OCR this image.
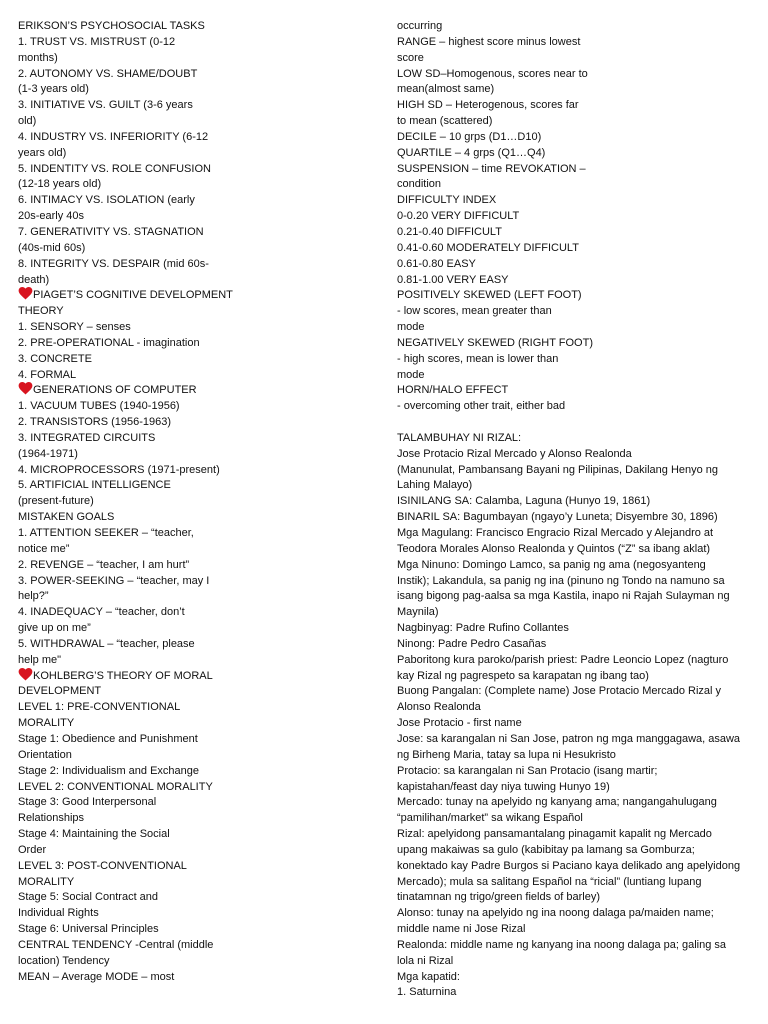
ERIKSON’S PSYCHOSOCIAL TASKS
1. TRUST VS. MISTRUST (0-12
months)
2. AUTONOMY VS. SHAME/DOUBT
(1-3 years old)
3. INITIATIVE VS. GUILT (3-6 years
old)
4. INDUSTRY VS. INFERIORITY (6-12
years old)
5. INDENTITY VS. ROLE CONFUSION
(12-18 years old)
6. INTIMACY VS. ISOLATION (early
20s-early 40s
7. GENERATIVITY VS. STAGNATION
(40s-mid 60s)
8. INTEGRITY VS. DESPAIR (mid 60s-
death)
PIAGET’S COGNITIVE DEVELOPMENT
THEORY
1. SENSORY – senses
2. PRE-OPERATIONAL - imagination
3. CONCRETE
4. FORMAL
GENERATIONS OF COMPUTER
1. VACUUM TUBES (1940-1956)
2. TRANSISTORS (1956-1963)
3. INTEGRATED CIRCUITS
(1964-1971)
4. MICROPROCESSORS (1971-present)
5. ARTIFICIAL INTELLIGENCE
(present-future)
MISTAKEN GOALS
1. ATTENTION SEEKER – “teacher,
notice me”
2. REVENGE – “teacher, I am hurt”
3. POWER-SEEKING – “teacher, may I
help?”
4. INADEQUACY – “teacher, don’t
give up on me”
5. WITHDRAWAL – “teacher, please
help me"
KOHLBERG’S THEORY OF MORAL
DEVELOPMENT
LEVEL 1: PRE-CONVENTIONAL
MORALITY
Stage 1: Obedience and Punishment
Orientation
Stage 2: Individualism and Exchange
LEVEL 2: CONVENTIONAL MORALITY
Stage 3: Good Interpersonal
Relationships
Stage 4: Maintaining the Social
Order
LEVEL 3: POST-CONVENTIONAL
MORALITY
Stage 5: Social Contract and
Individual Rights
Stage 6: Universal Principles
CENTRAL TENDENCY -Central (middle
location) Tendency
MEAN – Average MODE – most
occurring
RANGE – highest score minus lowest
score
LOW SD–Homogenous, scores near to
mean(almost same)
HIGH SD – Heterogenous, scores far
to mean (scattered)
DECILE – 10 grps (D1…D10)
QUARTILE – 4 grps (Q1…Q4)
SUSPENSION – time REVOKATION –
condition
DIFFICULTY INDEX
0-0.20 VERY DIFFICULT
0.21-0.40 DIFFICULT
0.41-0.60 MODERATELY DIFFICULT
0.61-0.80 EASY
0.81-1.00 VERY EASY
POSITIVELY SKEWED (LEFT FOOT)
- low scores, mean greater than
mode
NEGATIVELY SKEWED (RIGHT FOOT)
- high scores, mean is lower than
mode
HORN/HALO EFFECT
- overcoming other trait, either bad
TALAMBUHAY NI RIZAL:
Jose Protacio Rizal Mercado y Alonso Realonda
(Manunulat, Pambansang Bayani ng Pilipinas, Dakilang Henyo ng
Lahing Malayo)
ISINILANG SA: Calamba, Laguna (Hunyo 19, 1861)
BINARIL SA: Bagumbayan (ngayo’y Luneta; Disyembre 30, 1896)
Mga Magulang: Francisco Engracio Rizal Mercado y Alejandro at
Teodora Morales Alonso Realonda y Quintos (“Z” sa ibang aklat)
Mga Ninuno: Domingo Lamco, sa panig ng ama (negosyanteng
Instik); Lakandula, sa panig ng ina (pinuno ng Tondo na namuno sa
isang bigong pag-aalsa sa mga Kastila, inapo ni Rajah Sulayman ng
Maynila)
Nagbinyag: Padre Rufino Collantes
Ninong: Padre Pedro Casañas
Paboritong kura paroko/parish priest: Padre Leoncio Lopez (nagturo
kay Rizal ng pagrespeto sa karapatan ng ibang tao)
Buong Pangalan: (Complete name) Jose Protacio Mercado Rizal y
Alonso Realonda
Jose Protacio - first name
Jose: sa karangalan ni San Jose, patron ng mga manggagawa, asawa
ng Birheng Maria, tatay sa lupa ni Hesukristo
Protacio: sa karangalan ni San Protacio (isang martir;
kapistahan/feast day niya tuwing Hunyo 19)
Mercado: tunay na apelyido ng kanyang ama; nangangahulugang
“pamilihan/market” sa wikang Español
Rizal: apelyidong pansamantalang pinagamit kapalit ng Mercado
upang makaiwas sa gulo (kabibitay pa lamang sa Gomburza;
konektado kay Padre Burgos si Paciano kaya delikado ang apelyidong
Mercado); mula sa salitang Español na “ricial” (luntiang lupang
tinatamnan ng trigo/green fields of barley)
Alonso: tunay na apelyido ng ina noong dalaga pa/maiden name;
middle name ni Jose Rizal
Realonda: middle name ng kanyang ina noong dalaga pa; galing sa
lola ni Rizal
Mga kapatid:
1. Saturnina
